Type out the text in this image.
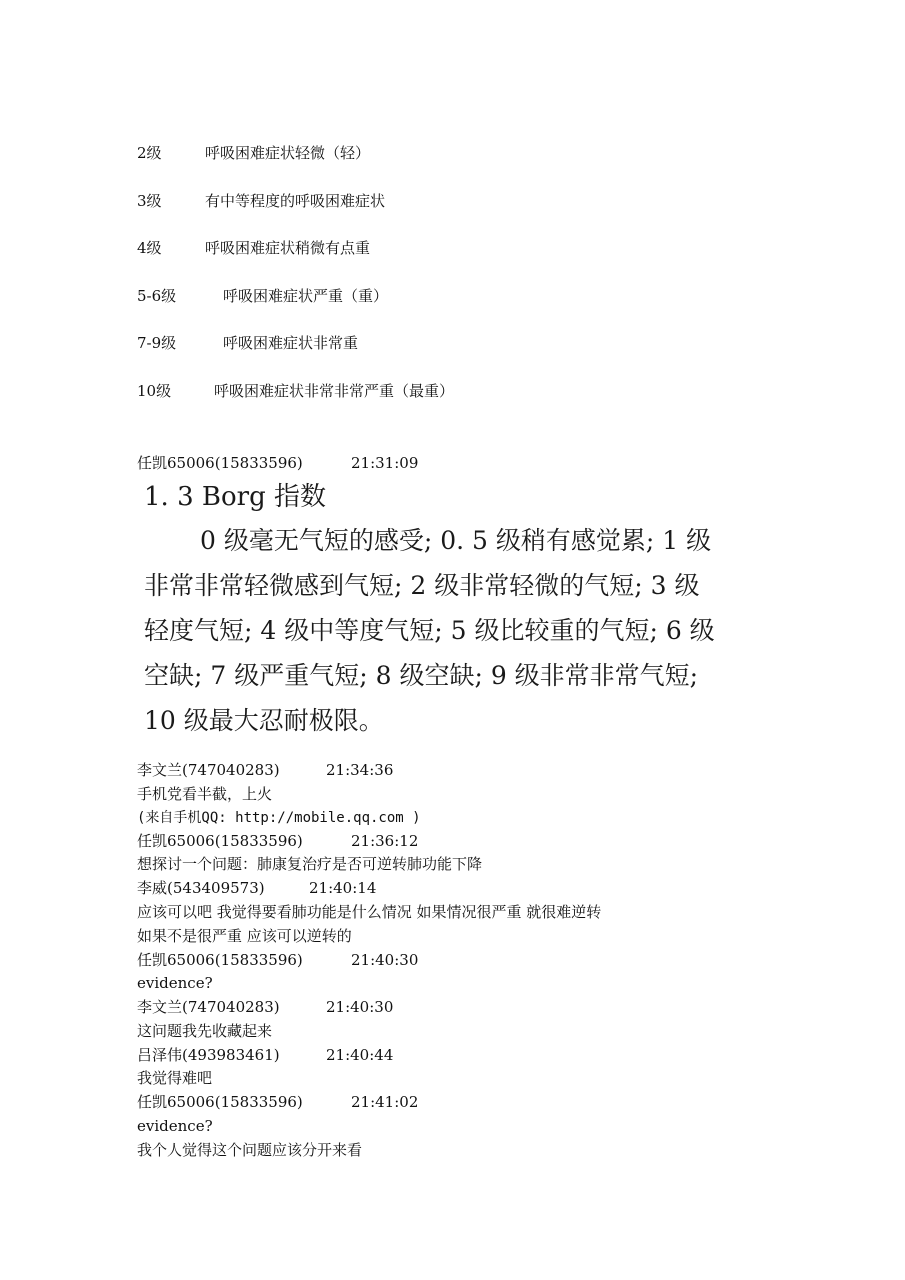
2级	呼吸困难症状轻微（轻）
3级	有中等程度的呼吸困难症状
4级	呼吸困难症状稍微有点重
5-6级	呼吸困难症状严重（重）
7-9级	呼吸困难症状非常重
10级	呼吸困难症状非常非常严重（最重）
任凯65006(15833596)	21:31:09
1. 3 Borg 指数
0 级毫无气短的感受; 0. 5 级稍有感觉累; 1 级
非常非常轻微感到气短; 2 级非常轻微的气短; 3 级
轻度气短; 4 级中等度气短; 5 级比较重的气短; 6 级
空缺; 7 级严重气短; 8 级空缺; 9 级非常非常气短;
10 级最大忍耐极限。
李文兰(747040283)	21:34:36
手机党看半截，上火
(来自手机QQ: http://mobile.qq.com )
任凯65006(15833596)	21:36:12
想探讨一个问题：肺康复治疗是否可逆转肺功能下降
李威(543409573)	21:40:14
应该可以吧 我觉得要看肺功能是什么情况 如果情况很严重 就很难逆转
如果不是很严重 应该可以逆转的
任凯65006(15833596)	21:40:30
evidence?
李文兰(747040283)	21:40:30
这问题我先收藏起来
吕泽伟(493983461)	21:40:44
我觉得难吧
任凯65006(15833596)	21:41:02
evidence?
我个人觉得这个问题应该分开来看
